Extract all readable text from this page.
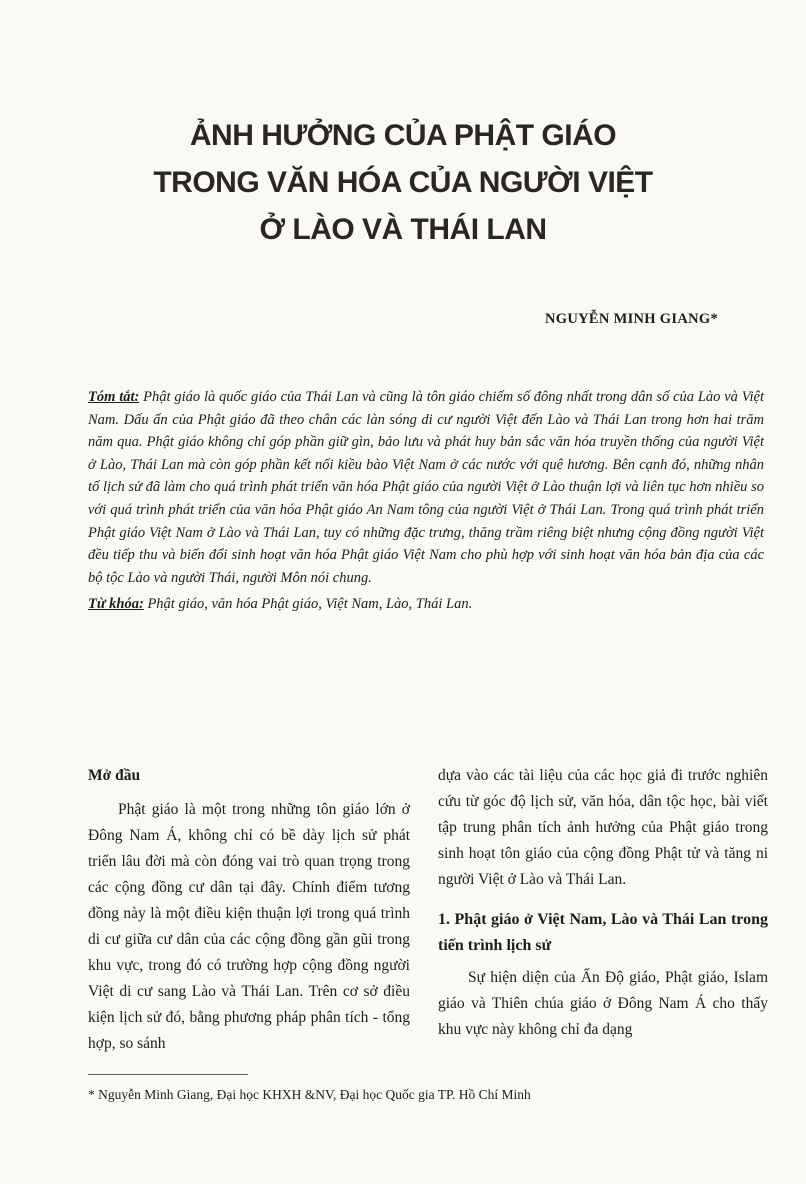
ẢNH HƯỞNG CỦA PHẬT GIÁO
TRONG VĂN HÓA CỦA NGƯỜI VIỆT
Ở LÀO VÀ THÁI LAN
NGUYỄN MINH GIANG*

Tóm tắt: Phật giáo là quốc giáo của Thái Lan và cũng là tôn giáo chiếm số đông nhất trong dân số của Lào và Việt Nam. Dấu ấn của Phật giáo đã theo chân các làn sóng di cư người Việt đến Lào và Thái Lan trong hơn hai trăm năm qua. Phật giáo không chỉ góp phần giữ gìn, bảo lưu và phát huy bản sắc văn hóa truyền thống của người Việt ở Lào, Thái Lan mà còn góp phần kết nối kiều bào Việt Nam ở các nước với quê hương. Bên cạnh đó, những nhân tố lịch sử đã làm cho quá trình phát triển văn hóa Phật giáo của người Việt ở Lào thuận lợi và liên tục hơn nhiều so với quá trình phát triển của văn hóa Phật giáo An Nam tông của người Việt ở Thái Lan. Trong quá trình phát triển Phật giáo Việt Nam ở Lào và Thái Lan, tuy có những đặc trưng, thăng trầm riêng biệt nhưng cộng đồng người Việt đều tiếp thu và biến đổi sinh hoạt văn hóa Phật giáo Việt Nam cho phù hợp với sinh hoạt văn hóa bản địa của các bộ tộc Lào và người Thái, người Môn nói chung.

Từ khóa: Phật giáo, văn hóa Phật giáo, Việt Nam, Lào, Thái Lan.

Mở đầu

Phật giáo là một trong những tôn giáo lớn ở Đông Nam Á, không chỉ có bề dày lịch sử phát triển lâu đời mà còn đóng vai trò quan trọng trong các cộng đồng cư dân tại đây. Chính điểm tương đồng này là một điều kiện thuận lợi trong quá trình di cư giữa cư dân của các cộng đồng gần gũi trong khu vực, trong đó có trường hợp cộng đồng người Việt di cư sang Lào và Thái Lan. Trên cơ sở điều kiện lịch sử đó, bằng phương pháp phân tích - tổng hợp, so sánh

dựa vào các tài liệu của các học giả đi trước nghiên cứu từ góc độ lịch sử, văn hóa, dân tộc học, bài viết tập trung phân tích ảnh hưởng của Phật giáo trong sinh hoạt tôn giáo của cộng đồng Phật tử và tăng ni người Việt ở Lào và Thái Lan.

1. Phật giáo ở Việt Nam, Lào và Thái Lan trong tiến trình lịch sử

Sự hiện diện của Ấn Độ giáo, Phật giáo, Islam giáo và Thiên chúa giáo ở Đông Nam Á cho thấy khu vực này không chỉ đa dạng

* Nguyễn Minh Giang, Đại học KHXH &NV, Đại học Quốc gia TP. Hồ Chí Minh
